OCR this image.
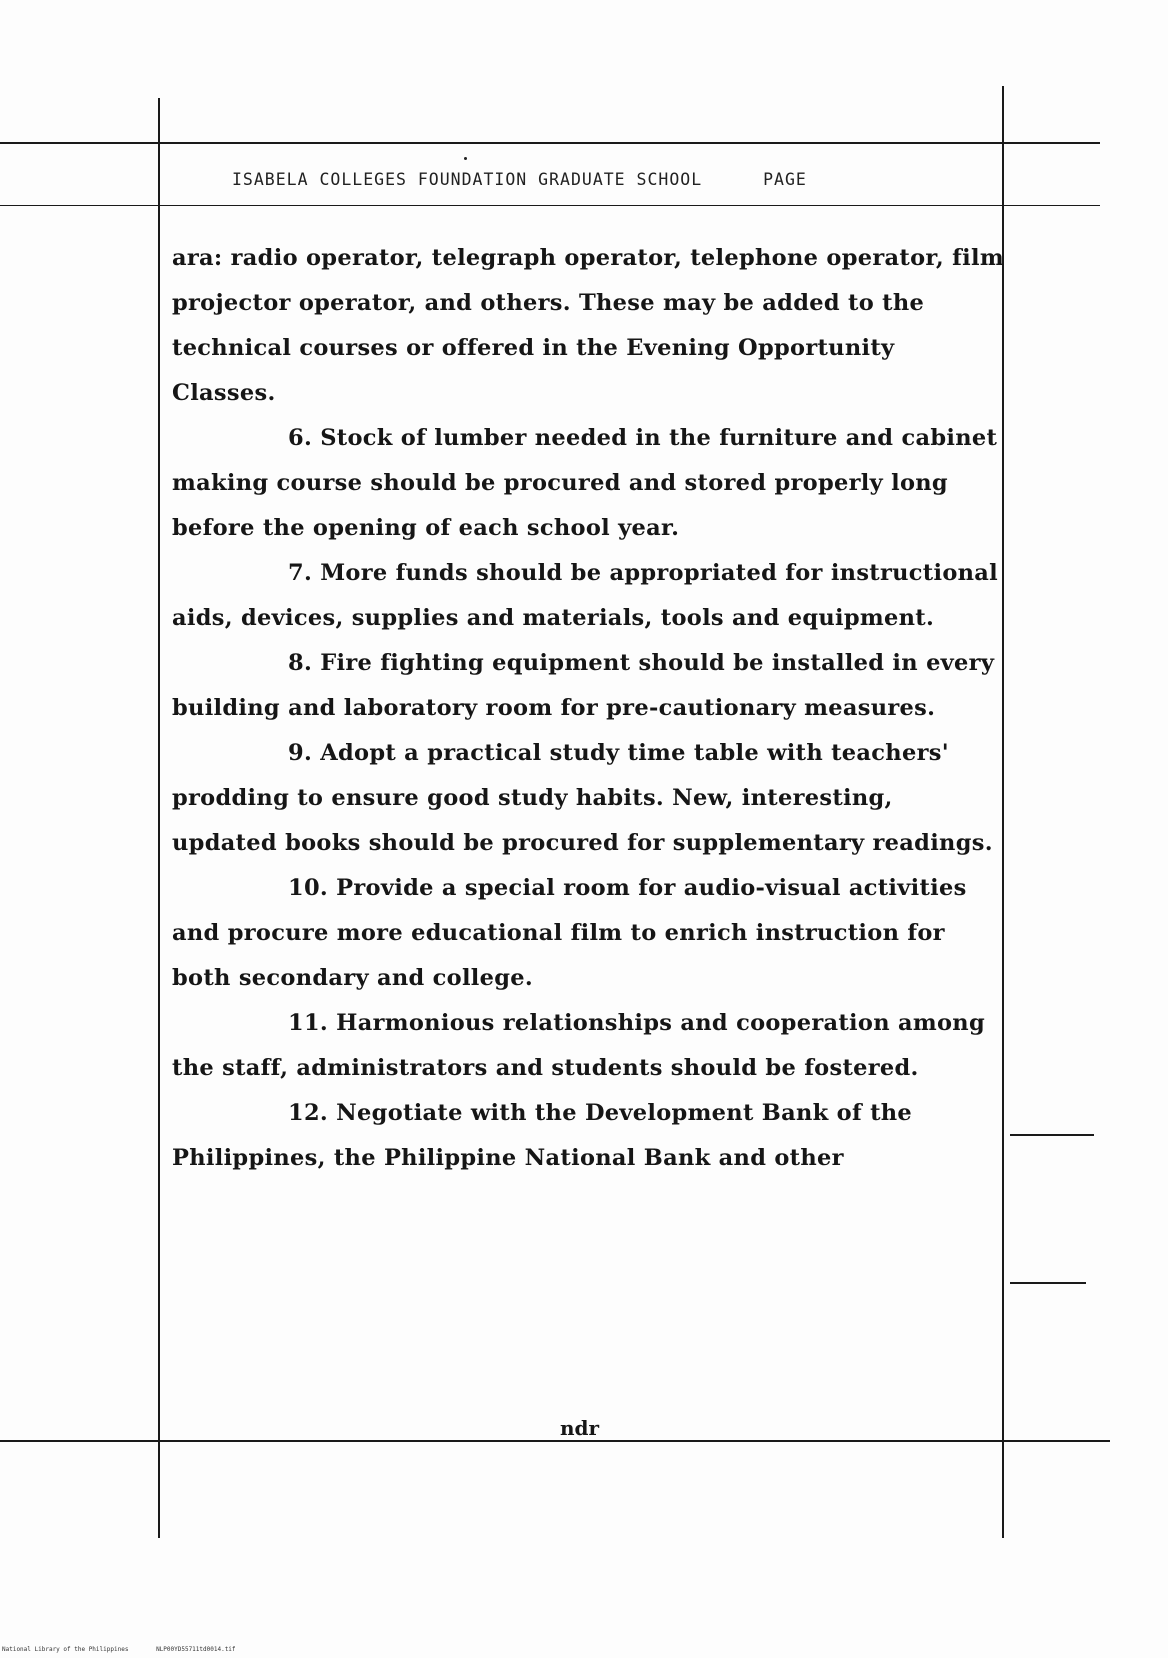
ISABELA COLLEGES FOUNDATION GRADUATE SCHOOL	PAGE

ara: radio operator, telegraph operator, telephone operator, film projector operator, and others. These may be added to the technical courses or offered in the Evening Opportunity Classes.

6. Stock of lumber needed in the furniture and cabinet making course should be procured and stored properly long before the opening of each school year.

7. More funds should be appropriated for instructional aids, devices, supplies and materials, tools and equipment.

8. Fire fighting equipment should be installed in every building and laboratory room for pre-cautionary measures.

9. Adopt a practical study time table with teachers' prodding to ensure good study habits. New, interesting, updated books should be procured for supplementary readings.

10. Provide a special room for audio-visual activities and procure more educational film to enrich instruction for both secondary and college.

11. Harmonious relationships and cooperation among the staff, administrators and students should be fostered.

12. Negotiate with the Development Bank of the Philippines, the Philippine National Bank and other

ndr
National Library of the Philippines	NLP00YD55711td0014.tif
